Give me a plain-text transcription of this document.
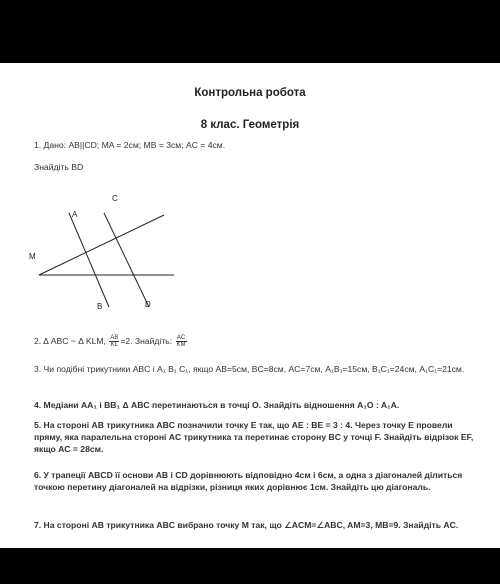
Контрольна робота
8 клас. Геометрія
1. Дано: AB||CD; MA = 2см; MB = 3см; AC = 4см.
Знайдіть BD
A
C
M
B	D
2. Δ ABC ~ Δ KLM, $\frac{AB}{KL} =2$. Знайдіть: $\frac{AC}{KM}$
3. Чи подібні трикутники ABC і A₁ B₁ C₁, якщо AB=5см, BC=8см, AC=7см, A₁B₁=15см, B₁C₁=24см, A₁C₁=21см.
4. Медіани AA₁ і BB₁ Δ ABC перетинаються в точці O. Знайдіть відношення A₁O : A₁A.
5. На стороні AB трикутника ABC позначили точку E так, що AE : BE = 3 : 4. Через точку E провели пряму, яка паралельна стороні AC трикутника та перетинає сторону BC у точці F. Знайдіть відрізок EF, якщо AC = 28см.
6. У трапеції ABCD її основи AB і CD дорівнюють відповідно 4см і 6см, а одна з діагоналей ділиться точкою перетину діагоналей на відрізки, різниця яких дорівнює 1см. Знайдіть цю діагональ.
7. На стороні AB трикутника ABC вибрано точку M так, що ∠ACM=∠ABC, AM=3, MB=9. Знайдіть AC.
